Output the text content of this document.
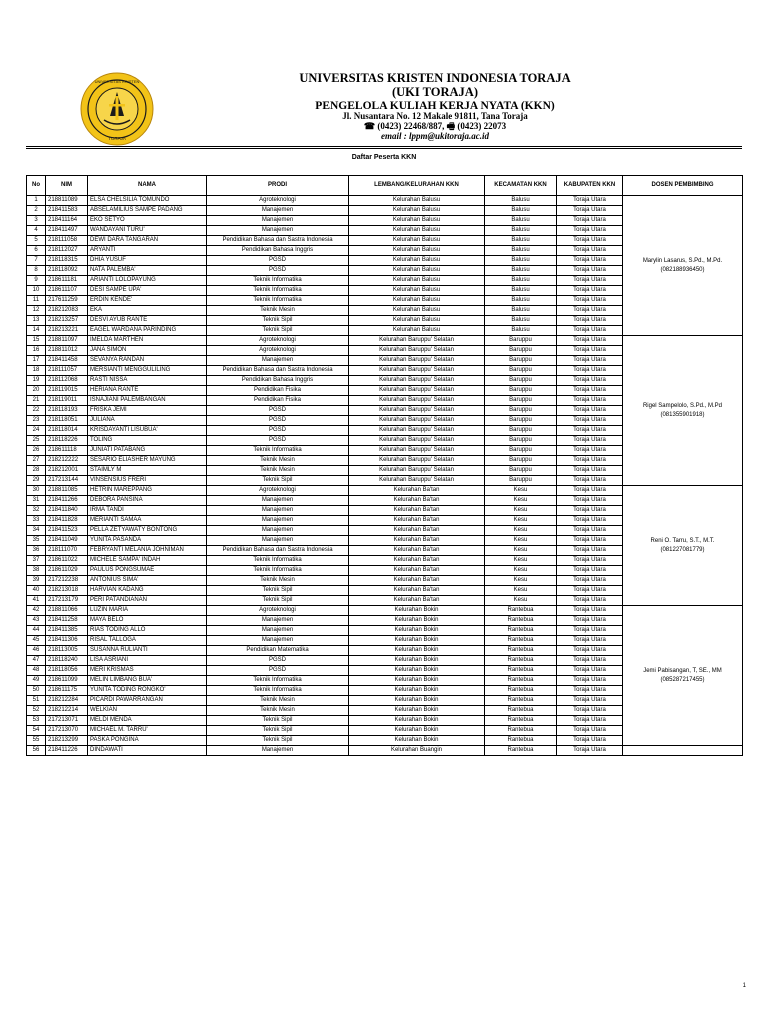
UNIVERSITAS KRISTEN
TORAJA
UNIVERSITAS KRISTEN INDONESIA TORAJA
(UKI TORAJA)
PENGELOLA KULIAH KERJA NYATA (KKN)
Jl. Nusantara No. 12 Makale 91811, Tana Toraja
☎ (0423) 22468/887, 🖷 (0423) 22073
email : lppm@ukitoraja.ac.id
Daftar Peserta KKN
No	NIM	NAMA	PRODI	LEMBANG/KELURAHAN KKN	KECAMATAN KKN	KABUPATEN KKN	DOSEN PEMBIMBING
1	218811089	ELSA CHELSILIA TOMUNDO	Agroteknologi	Kelurahan Balusu	Balusu	Toraja Utara	Marylin Lasarus, S.Pd., M.Pd.
(082188936450)

2	218411583	ABSELAMILIUS SAMPE PADANG	Manajemen	Kelurahan Balusu	Balusu	Toraja Utara	
3	218411164	EKO SETYO	Manajemen	Kelurahan Balusu	Balusu	Toraja Utara	
4	218411497	WANDAYANI TURU'	Manajemen	Kelurahan Balusu	Balusu	Toraja Utara	
5	218111058	DEWI DARA TANGARAN	Pendidikan Bahasa dan Sastra Indonesia	Kelurahan Balusu	Balusu	Toraja Utara	
6	218112027	ARYANTI	Pendidikan Bahasa Inggris	Kelurahan Balusu	Balusu	Toraja Utara	
7	218118315	DHIA YUSUF	PGSD	Kelurahan Balusu	Balusu	Toraja Utara	
8	218118092	NATA PALEMBA'	PGSD	Kelurahan Balusu	Balusu	Toraja Utara	
9	218611181	ARIANTI LOLOPAYUNG	Teknik Informatika	Kelurahan Balusu	Balusu	Toraja Utara	
10	218611107	DESI SAMPE UPA'	Teknik Informatika	Kelurahan Balusu	Balusu	Toraja Utara	
11	217611259	ERDIN KENDE'	Teknik Informatika	Kelurahan Balusu	Balusu	Toraja Utara	
12	218212083	EKA	Teknik Mesin	Kelurahan Balusu	Balusu	Toraja Utara	
13	218213257	DESVI AYUB RANTE	Teknik Sipil	Kelurahan Balusu	Balusu	Toraja Utara	
14	218213221	EAGEL WARDANA PARINDING	Teknik Sipil	Kelurahan Balusu	Balusu	Toraja Utara	
15	218811097	IMELDA MARTHEN	Agroteknologi	Kelurahan Baruppu' Selatan	Baruppu	Toraja Utara	Rigel Sampelolo, S.Pd., M.Pd
(081355901918)

16	218811012	JANA SIMON	Agroteknologi	Kelurahan Baruppu' Selatan	Baruppu	Toraja Utara	
17	218411458	SEVANYA RANDAN	Manajemen	Kelurahan Baruppu' Selatan	Baruppu	Toraja Utara	
18	218111057	MERSIANTI MENGGULILING	Pendidikan Bahasa dan Sastra Indonesia	Kelurahan Baruppu' Selatan	Baruppu	Toraja Utara	
19	218112068	RASTI NISSA	Pendidikan Bahasa Inggris	Kelurahan Baruppu' Selatan	Baruppu	Toraja Utara	
20	218119015	HERIANA RANTE	Pendidikan Fisika	Kelurahan Baruppu' Selatan	Baruppu	Toraja Utara	
21	218119011	ISNAJIANI PALEMBANGAN	Pendidikan Fisika	Kelurahan Baruppu' Selatan	Baruppu	Toraja Utara	
22	218118193	FRISKA JEMI	PGSD	Kelurahan Baruppu' Selatan	Baruppu	Toraja Utara	
23	218118051	JULIANA	PGSD	Kelurahan Baruppu' Selatan	Baruppu	Toraja Utara	
24	218118014	KRISDAYANTI LISUBUA'	PGSD	Kelurahan Baruppu' Selatan	Baruppu	Toraja Utara	
25	218118226	TOLING	PGSD	Kelurahan Baruppu' Selatan	Baruppu	Toraja Utara	
26	218611118	JUNIATI PATABANG	Teknik Informatika	Kelurahan Baruppu' Selatan	Baruppu	Toraja Utara	
27	218212222	SESARIO ELIASHER MAYUNG	Teknik Mesin	Kelurahan Baruppu' Selatan	Baruppu	Toraja Utara	
28	218212001	STAIMLY M	Teknik Mesin	Kelurahan Baruppu' Selatan	Baruppu	Toraja Utara	
29	217213144	VINSENSIUS FRERI	Teknik Sipil	Kelurahan Baruppu' Selatan	Baruppu	Toraja Utara	
30	218811085	HETRIN MAREPPANG	Agroteknologi	Kelurahan Ba'tan	Kesu	Toraja Utara	Reni O. Tarru, S.T., M.T.
(081227081779)

31	218411266	DEBORA PANSINA	Manajemen	Kelurahan Ba'tan	Kesu	Toraja Utara	
32	218411840	IRMA TANDI	Manajemen	Kelurahan Ba'tan	Kesu	Toraja Utara	
33	218411828	MERIANTI SAMAA	Manajemen	Kelurahan Ba'tan	Kesu	Toraja Utara	
34	218411523	PELLA ZETYAWATY BONTONG	Manajemen	Kelurahan Ba'tan	Kesu	Toraja Utara	
35	218411049	YUNITA PASANDA	Manajemen	Kelurahan Ba'tan	Kesu	Toraja Utara	
36	218111070	FEBRYANTI MELANIA JOHNIMAN	Pendidikan Bahasa dan Sastra Indonesia	Kelurahan Ba'tan	Kesu	Toraja Utara	
37	218611022	MICHELE SAMPA' INDAH	Teknik Informatika	Kelurahan Ba'tan	Kesu	Toraja Utara	
38	218611029	PAULUS PONGSUMAE	Teknik Informatika	Kelurahan Ba'tan	Kesu	Toraja Utara	
39	217212238	ANTONIUS SIMA'	Teknik Mesin	Kelurahan Ba'tan	Kesu	Toraja Utara	
40	218213018	HARVIAN KADANG	Teknik Sipil	Kelurahan Ba'tan	Kesu	Toraja Utara	
41	217213179	PERI PATANDIANAN	Teknik Sipil	Kelurahan Ba'tan	Kesu	Toraja Utara	
42	218811066	LUZIN MARIA	Agroteknologi	Kelurahan Bokin	Rantebua	Toraja Utara	Jemi Pabisangan, T, SE., MM
(085287217455)

43	218411258	MAYA BELO	Manajemen	Kelurahan Bokin	Rantebua	Toraja Utara	
44	218411385	RIAS TODING ALLO	Manajemen	Kelurahan Bokin	Rantebua	Toraja Utara	
45	218411306	RISAL TALLOGA	Manajemen	Kelurahan Bokin	Rantebua	Toraja Utara	
46	218113005	SUSANNA RULIANTI	Pendidikan Matematika	Kelurahan Bokin	Rantebua	Toraja Utara	
47	218118240	LISA ASRIANI	PGSD	Kelurahan Bokin	Rantebua	Toraja Utara	
48	218118056	MERI KRISMAS	PGSD	Kelurahan Bokin	Rantebua	Toraja Utara	
49	218611099	MELIN LIMBANG BUA'	Teknik Informatika	Kelurahan Bokin	Rantebua	Toraja Utara	
50	218611175	YUNITA TODING RONGKO'	Teknik Informatika	Kelurahan Bokin	Rantebua	Toraja Utara	
51	218212284	PICARDI PAWARRANGAN	Teknik Mesin	Kelurahan Bokin	Rantebua	Toraja Utara	
52	218212214	WELKIAN	Teknik Mesin	Kelurahan Bokin	Rantebua	Toraja Utara	
53	217213071	MELDI MENDA	Teknik Sipil	Kelurahan Bokin	Rantebua	Toraja Utara	
54	217213070	MICHAEL M. TARRU'	Teknik Sipil	Kelurahan Bokin	Rantebua	Toraja Utara	
55	218213299	PASKA PONGINA	Teknik Sipil	Kelurahan Bokin	Rantebua	Toraja Utara	
56	218411226	DINDAWATI	Manajemen	Kelurahan Buangin	Rantebua	Toraja Utara	
1
